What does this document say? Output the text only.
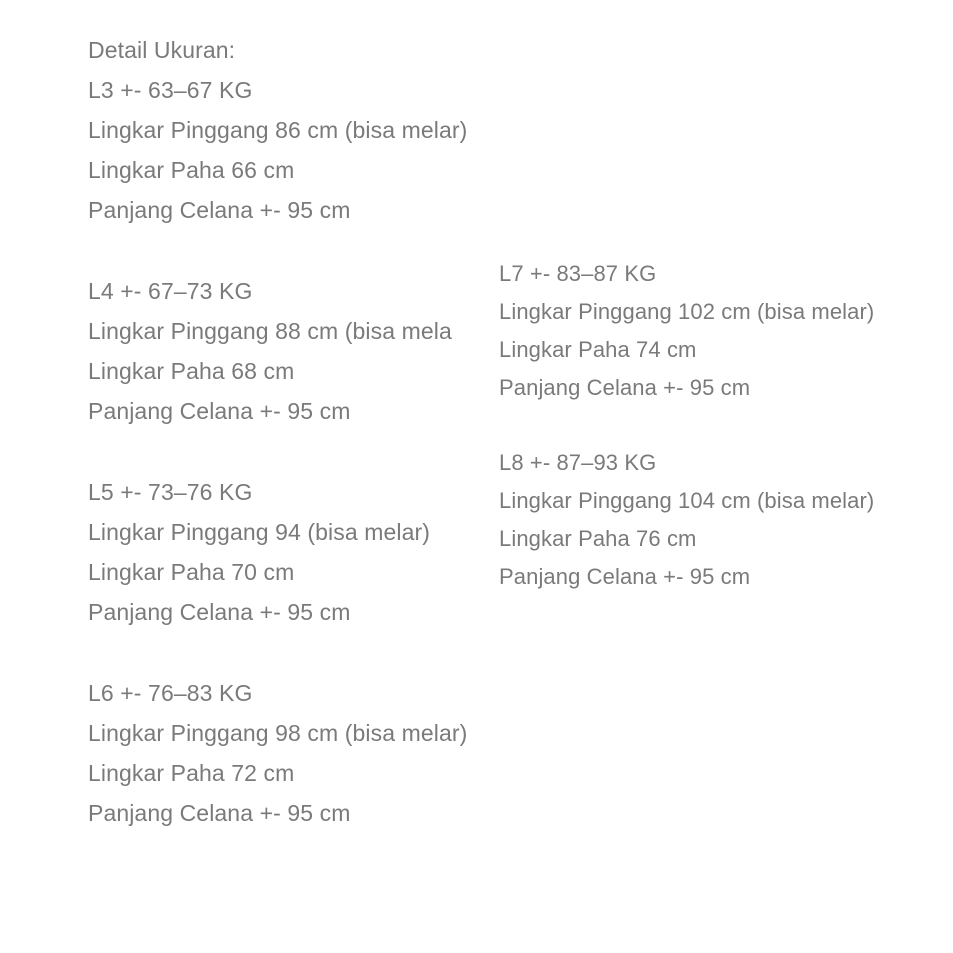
Detail Ukuran:
L3 +- 63–67 KG
Lingkar Pinggang 86 cm (bisa melar)
Lingkar Paha 66 cm
Panjang Celana +- 95 cm
L4 +- 67–73 KG
Lingkar Pinggang 88 cm (bisa mela
Lingkar Paha 68 cm
Panjang Celana +- 95 cm
L5 +- 73–76 KG
Lingkar Pinggang 94 (bisa melar)
Lingkar Paha 70 cm
Panjang Celana +- 95 cm
L6 +- 76–83 KG
Lingkar Pinggang 98 cm (bisa melar)
Lingkar Paha 72 cm
Panjang Celana +- 95 cm
L7 +- 83–87 KG
Lingkar Pinggang 102 cm (bisa melar)
Lingkar Paha 74 cm
Panjang Celana +- 95 cm
L8 +- 87–93 KG
Lingkar Pinggang 104 cm (bisa melar)
Lingkar Paha 76 cm
Panjang Celana +- 95 cm
